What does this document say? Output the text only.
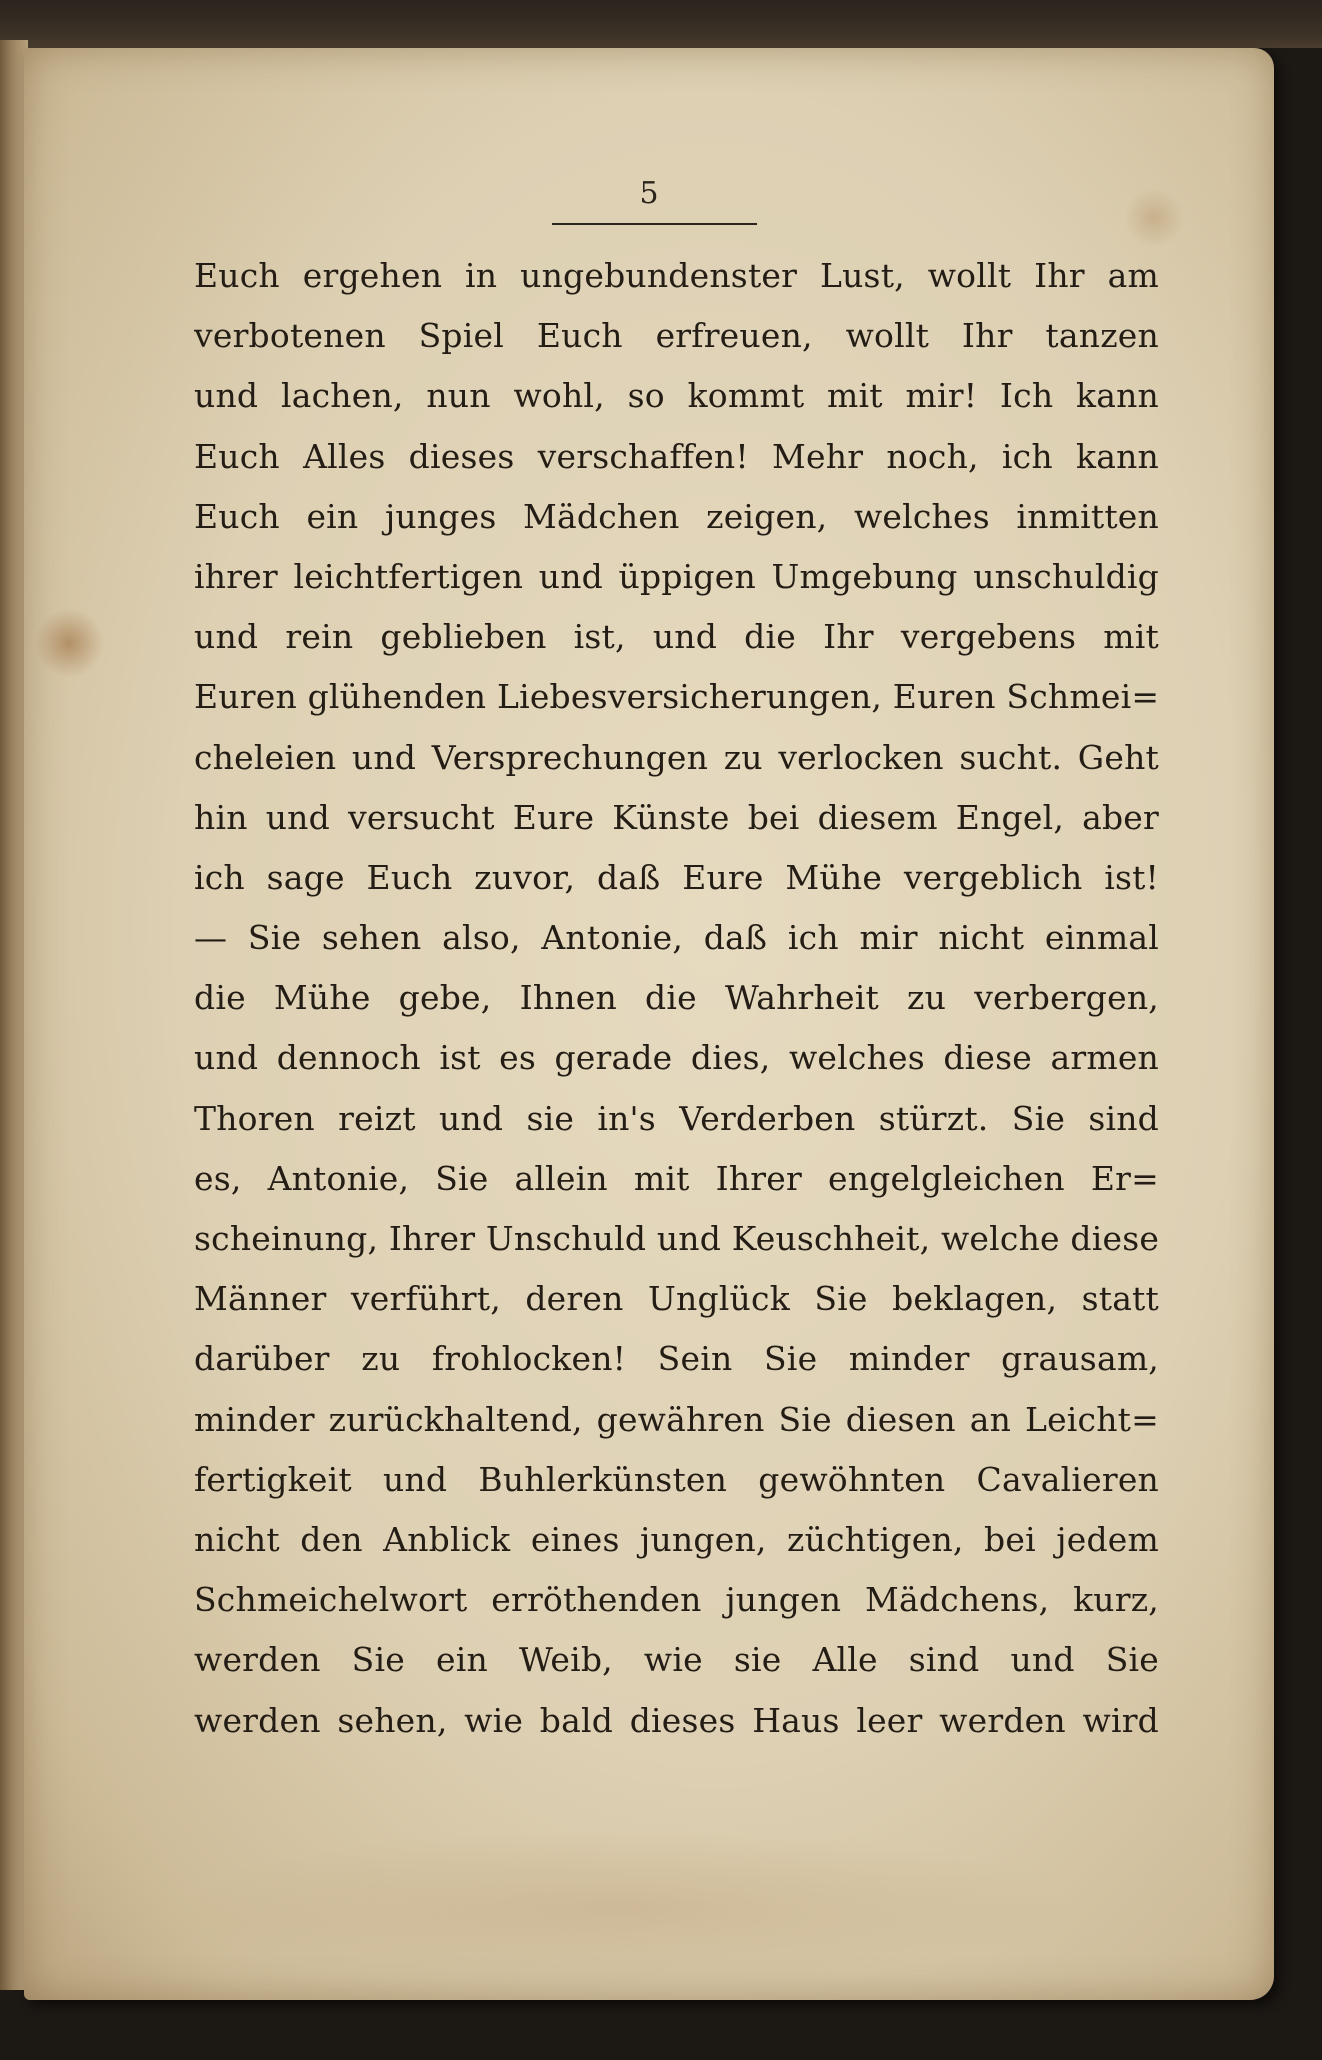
5

Euch ergehen in ungebundenster Lust, wollt Ihr am
verbotenen Spiel Euch erfreuen, wollt Ihr tanzen
und lachen, nun wohl, so kommt mit mir! Ich kann
Euch Alles dieses verschaffen! Mehr noch, ich kann
Euch ein junges Mädchen zeigen, welches inmitten
ihrer leichtfertigen und üppigen Umgebung unschuldig
und rein geblieben ist, und die Ihr vergebens mit
Euren glühenden Liebesversicherungen, Euren Schmei=
cheleien und Versprechungen zu verlocken sucht. Geht
hin und versucht Eure Künste bei diesem Engel, aber
ich sage Euch zuvor, daß Eure Mühe vergeblich ist!
— Sie sehen also, Antonie, daß ich mir nicht einmal
die Mühe gebe, Ihnen die Wahrheit zu verbergen,
und dennoch ist es gerade dies, welches diese armen
Thoren reizt und sie in's Verderben stürzt. Sie sind
es, Antonie, Sie allein mit Ihrer engelgleichen Er=
scheinung, Ihrer Unschuld und Keuschheit, welche diese
Männer verführt, deren Unglück Sie beklagen, statt
darüber zu frohlocken! Sein Sie minder grausam,
minder zurückhaltend, gewähren Sie diesen an Leicht=
fertigkeit und Buhlerkünsten gewöhnten Cavalieren
nicht den Anblick eines jungen, züchtigen, bei jedem
Schmeichelwort erröthenden jungen Mädchens, kurz,
werden Sie ein Weib, wie sie Alle sind und Sie
werden sehen, wie bald dieses Haus leer werden wird
